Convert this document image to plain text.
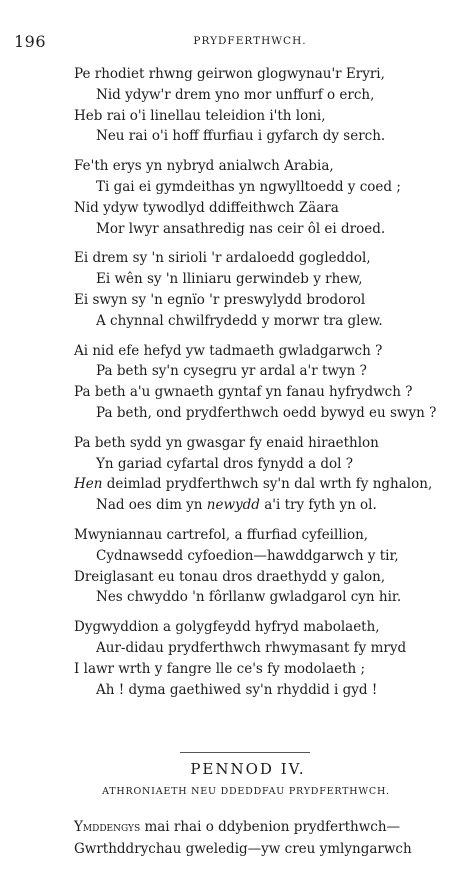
196	PRYDFERTHWCH.
Pe rhodiet rhwng geirwon glogwynau'r Eryri,
Nid ydyw'r drem yno mor unffurf o erch,
Heb rai o'i linellau teleidion i'th loni,
Neu rai o'i hoff ffurfiau i gyfarch dy serch.
Fe'th erys yn nybryd anialwch Arabia,
Ti gai ei gymdeithas yn ngwylltoedd y coed ;
Nid ydyw tywodlyd ddiffeithwch Zäara
Mor lwyr ansathredig nas ceir ôl ei droed.
Ei drem sy 'n sirioli 'r ardaloedd gogleddol,
Ei wên sy 'n lliniaru gerwindeb y rhew,
Ei swyn sy 'n egnïo 'r preswylydd brodorol
A chynnal chwilfrydedd y morwr tra glew.
Ai nid efe hefyd yw tadmaeth gwladgarwch ?
Pa beth sy'n cysegru yr ardal a'r twyn ?
Pa beth a'u gwnaeth gyntaf yn fanau hyfrydwch ?
Pa beth, ond prydferthwch oedd bywyd eu swyn ?
Pa beth sydd yn gwasgar fy enaid hiraethlon
Yn gariad cyfartal dros fynydd a dol ?
Hen deimlad prydferthwch sy'n dal wrth fy nghalon,
Nad oes dim yn newydd a'i try fyth yn ol.
Mwyniannau cartrefol, a ffurfiad cyfeillion,
Cydnawsedd cyfoedion—hawddgarwch y tir,
Dreiglasant eu tonau dros draethydd y galon,
Nes chwyddo 'n fôrllanw gwladgarol cyn hir.
Dygwyddion a golygfeydd hyfryd mabolaeth,
Aur-didau prydferthwch rhwymasant fy mryd
I lawr wrth y fangre lle ce's fy modolaeth ;
Ah ! dyma gaethiwed sy'n rhyddid i gyd !
PENNOD IV.
ATHRONIAETH NEU DDEDDFAU PRYDFERTHWCH.
Ymddengys mai rhai o ddybenion prydferthwch—
Gwrthddrychau gweledig—yw creu ymlyngarwch
